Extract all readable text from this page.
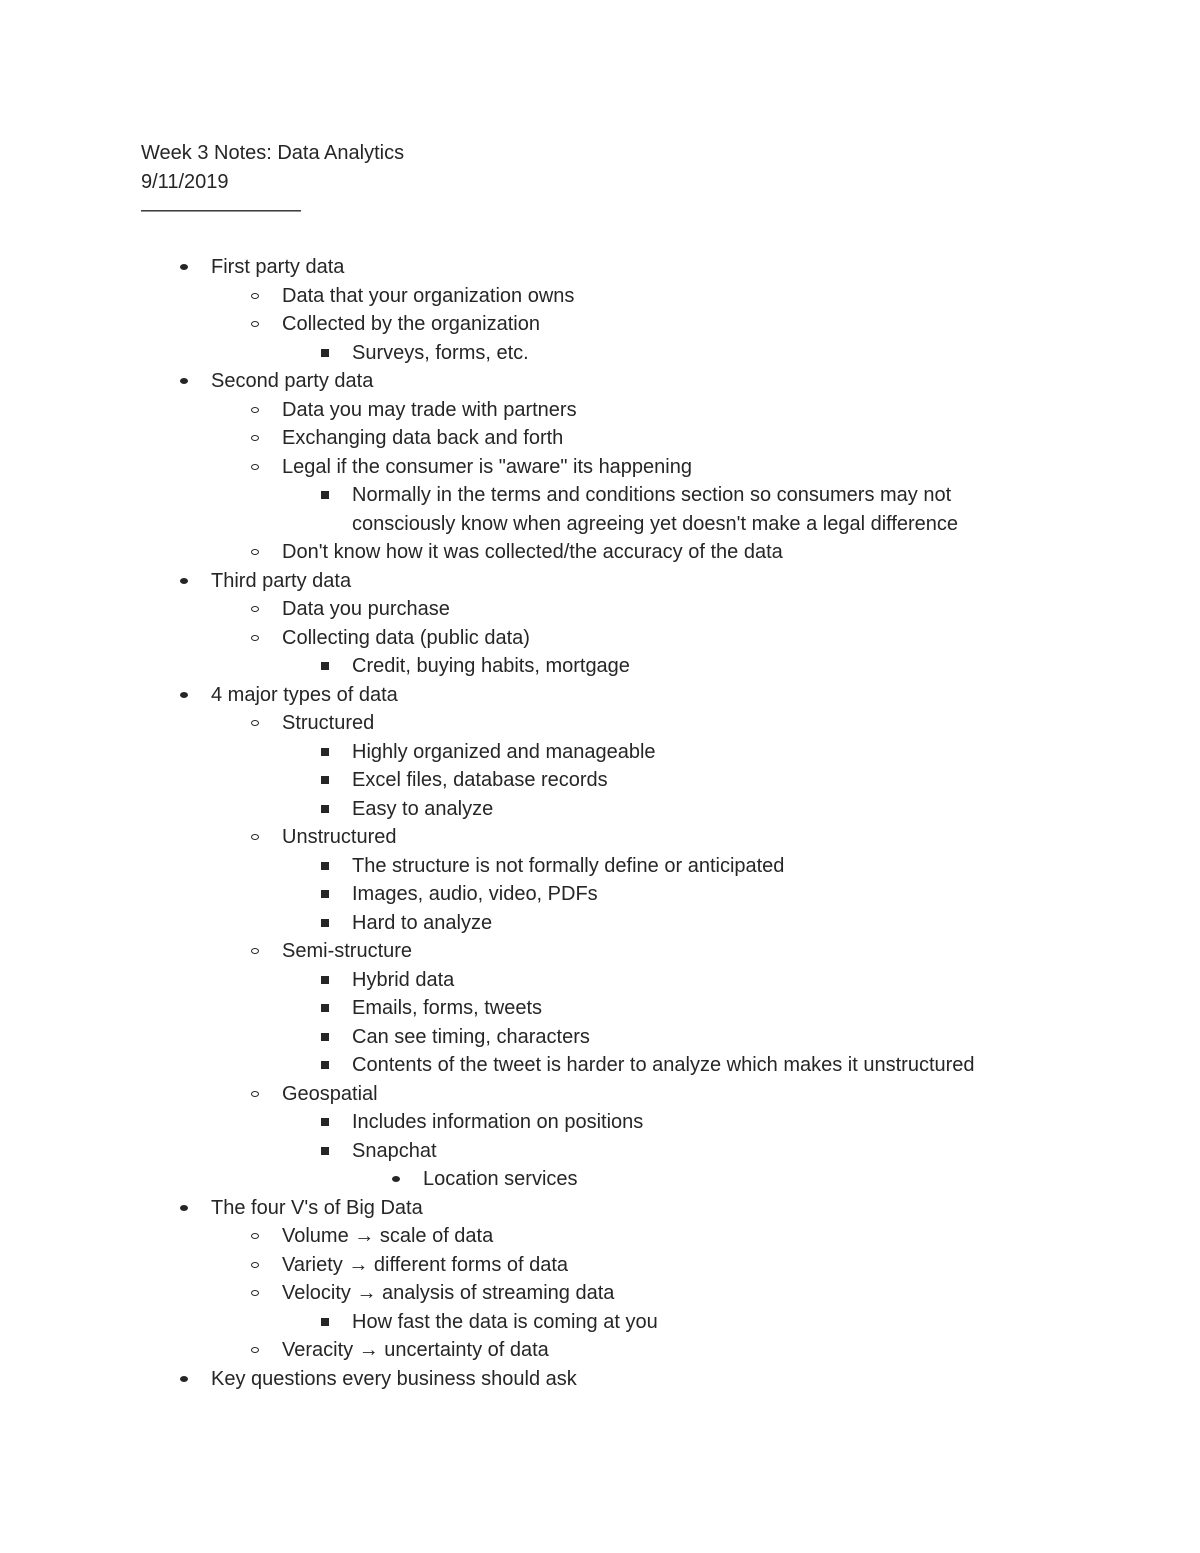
Week 3 Notes: Data Analytics
9/11/2019
————————
First party data
Data that your organization owns
Collected by the organization
Surveys, forms, etc.
Second party data
Data you may trade with partners
Exchanging data back and forth
Legal if the consumer is "aware" its happening
Normally in the terms and conditions section so consumers may not consciously know when agreeing yet doesn't make a legal difference
Don't know how it was collected/the accuracy of the data
Third party data
Data you purchase
Collecting data (public data)
Credit, buying habits, mortgage
4 major types of data
Structured
Highly organized and manageable
Excel files, database records
Easy to analyze
Unstructured
The structure is not formally define or anticipated
Images, audio, video, PDFs
Hard to analyze
Semi-structure
Hybrid data
Emails, forms, tweets
Can see timing, characters
Contents of the tweet is harder to analyze which makes it unstructured
Geospatial
Includes information on positions
Snapchat
Location services
The four V's of Big Data
Volume → scale of data
Variety → different forms of data
Velocity → analysis of streaming data
How fast the data is coming at you
Veracity → uncertainty of data
Key questions every business should ask
